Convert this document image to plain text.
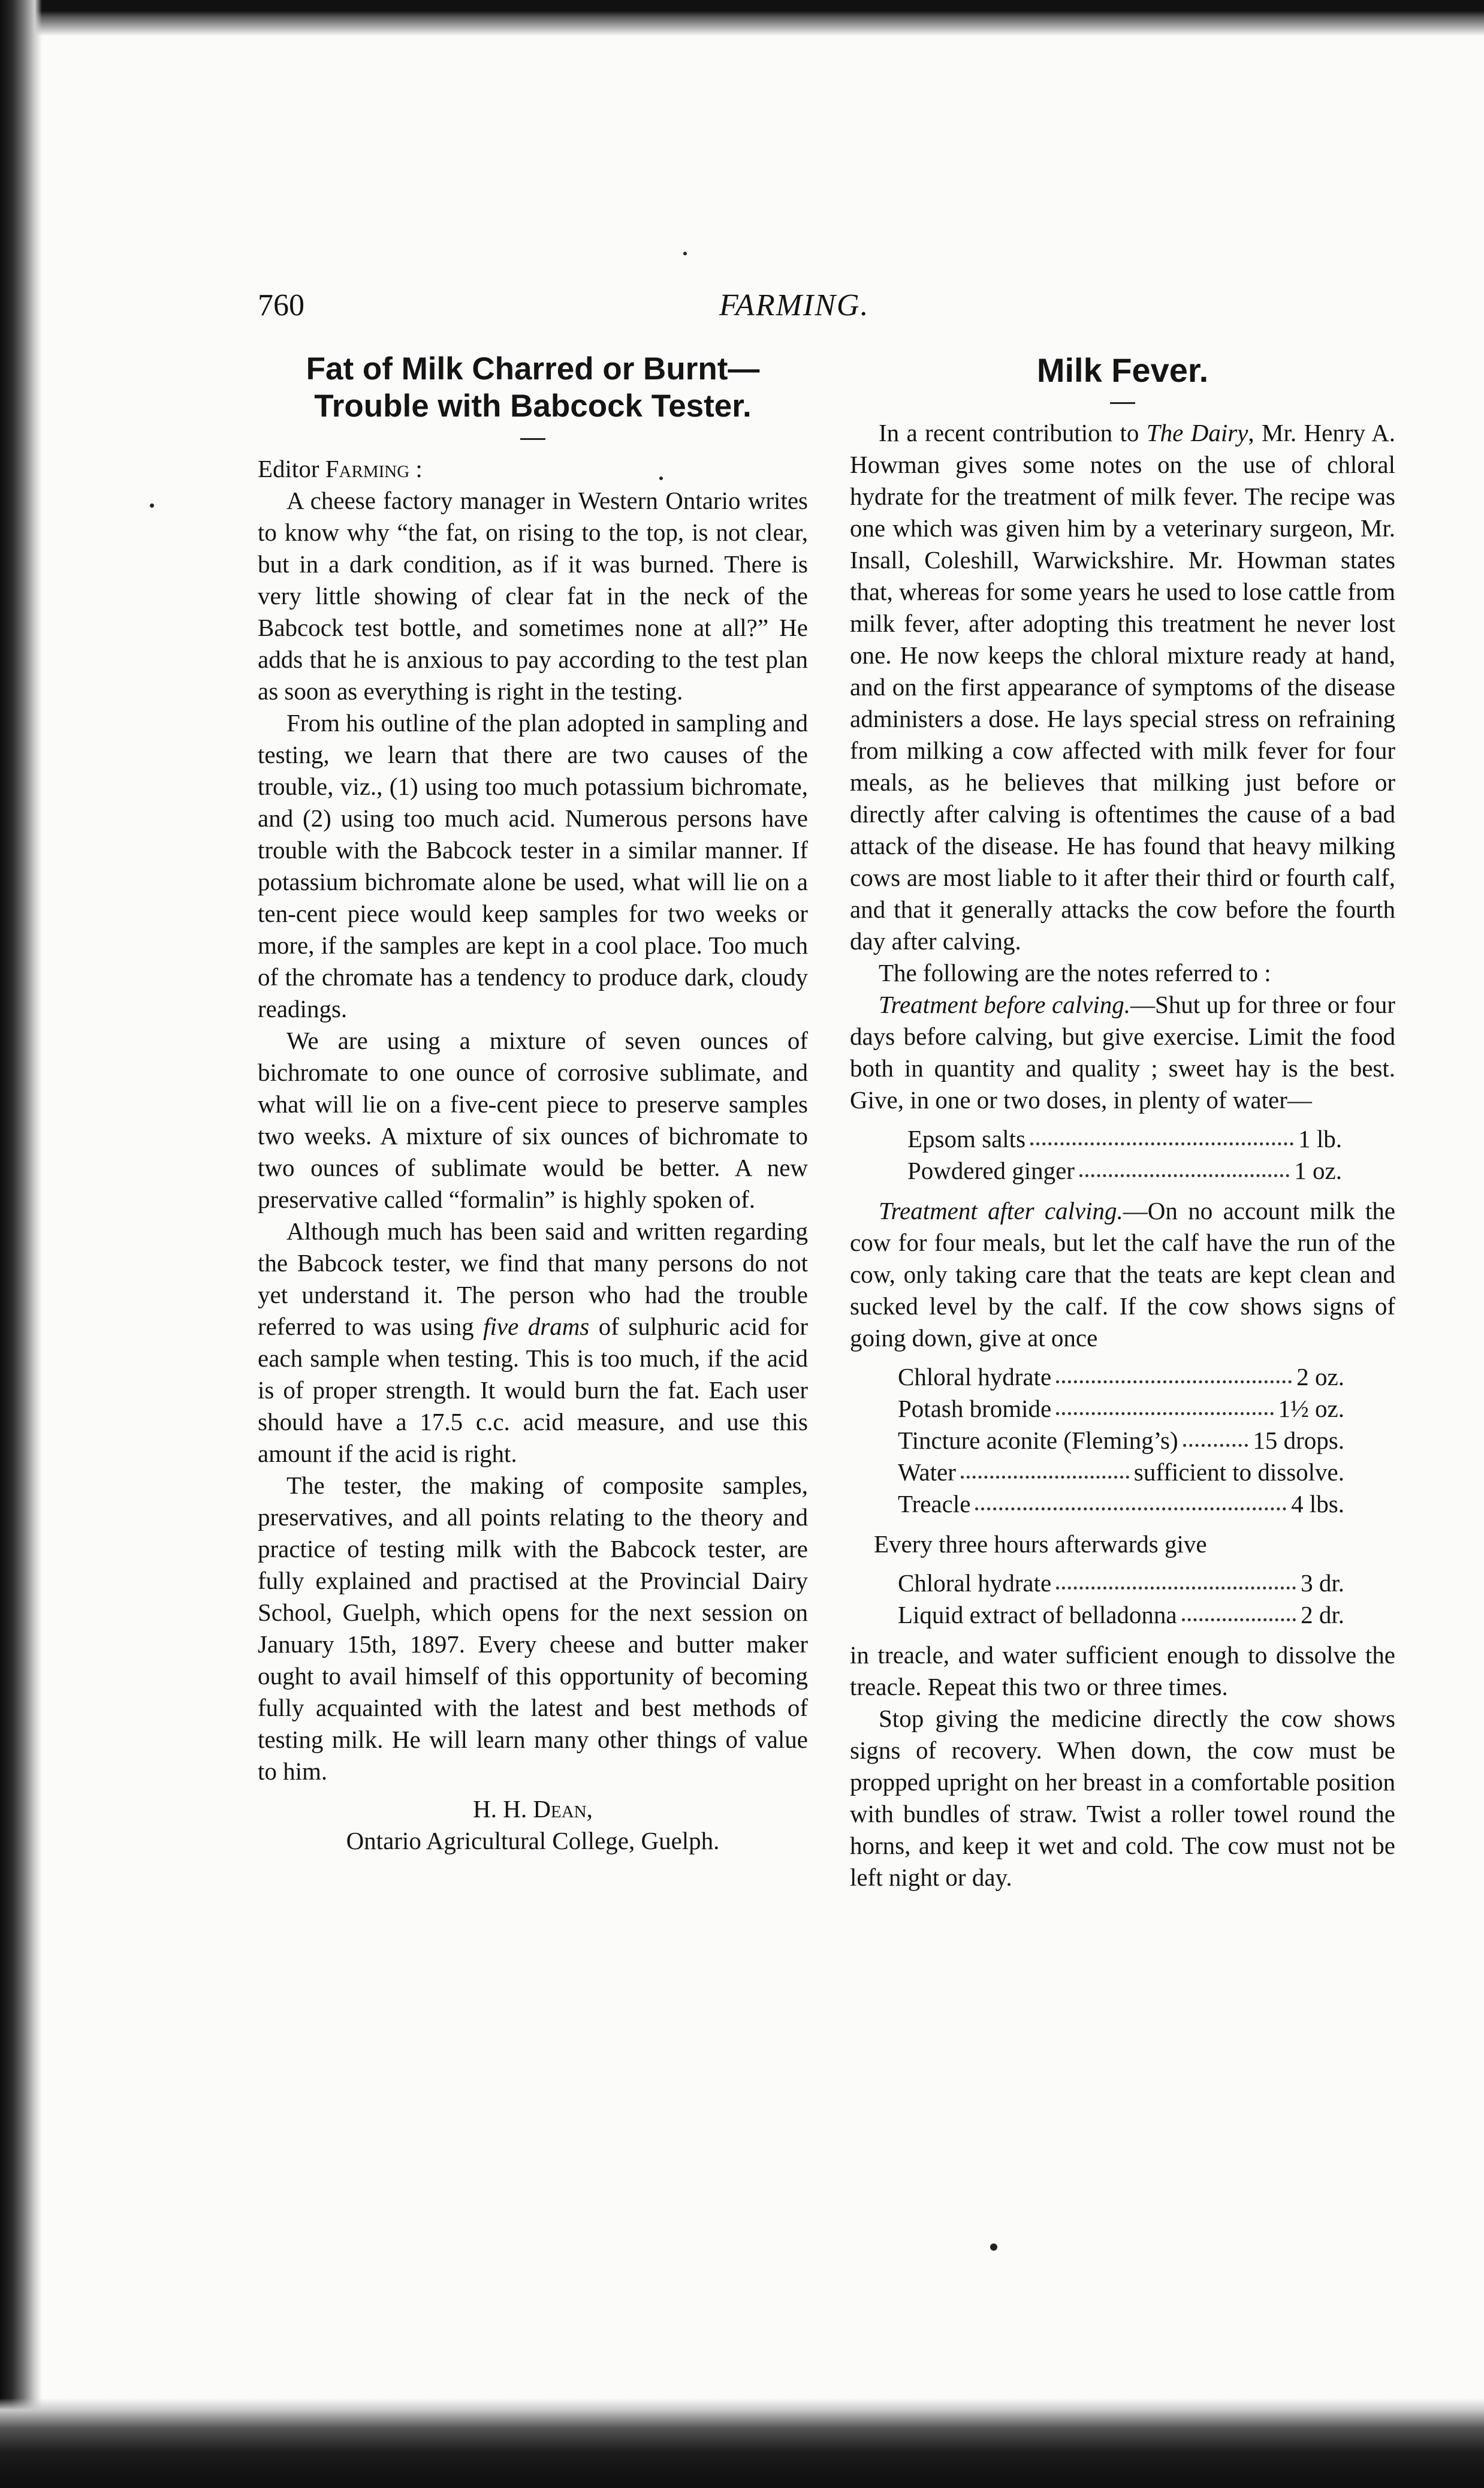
760	FARMING.
Fat of Milk Charred or Burnt—Trouble with Babcock Tester.

Editor Farming :

A cheese factory manager in Western Ontario writes to know why “the fat, on rising to the top, is not clear, but in a dark condition, as if it was burned. There is very little showing of clear fat in the neck of the Babcock test bottle, and sometimes none at all?” He adds that he is anxious to pay according to the test plan as soon as everything is right in the testing.

From his outline of the plan adopted in sampling and testing, we learn that there are two causes of the trouble, viz., (1) using too much potassium bichromate, and (2) using too much acid. Numerous persons have trouble with the Babcock tester in a similar manner. If potassium bichromate alone be used, what will lie on a ten-cent piece would keep samples for two weeks or more, if the samples are kept in a cool place. Too much of the chromate has a tendency to produce dark, cloudy readings.

We are using a mixture of seven ounces of bichromate to one ounce of corrosive sublimate, and what will lie on a five-cent piece to preserve samples two weeks. A mixture of six ounces of bichromate to two ounces of sublimate would be better. A new preservative called “formalin” is highly spoken of.

Although much has been said and written regarding the Babcock tester, we find that many persons do not yet understand it. The person who had the trouble referred to was using five drams of sulphuric acid for each sample when testing. This is too much, if the acid is of proper strength. It would burn the fat. Each user should have a 17.5 c.c. acid measure, and use this amount if the acid is right.

The tester, the making of composite samples, preservatives, and all points relating to the theory and practice of testing milk with the Babcock tester, are fully explained and practised at the Provincial Dairy School, Guelph, which opens for the next session on January 15th, 1897. Every cheese and butter maker ought to avail himself of this opportunity of becoming fully acquainted with the latest and best methods of testing milk. He will learn many other things of value to him.

H. H. Dean,

Ontario Agricultural College, Guelph.

Milk Fever.

In a recent contribution to The Dairy, Mr. Henry A. Howman gives some notes on the use of chloral hydrate for the treatment of milk fever. The recipe was one which was given him by a veterinary surgeon, Mr. Insall, Coleshill, Warwickshire. Mr. Howman states that, whereas for some years he used to lose cattle from milk fever, after adopting this treatment he never lost one. He now keeps the chloral mixture ready at hand, and on the first appearance of symptoms of the disease administers a dose. He lays special stress on refraining from milking a cow affected with milk fever for four meals, as he believes that milking just before or directly after calving is oftentimes the cause of a bad attack of the disease. He has found that heavy milking cows are most liable to it after their third or fourth calf, and that it generally attacks the cow before the fourth day after calving.

The following are the notes referred to :

Treatment before calving.—Shut up for three or four days before calving, but give exercise. Limit the food both in quantity and quality ; sweet hay is the best. Give, in one or two doses, in plenty of water—

Epsom salts	1 lb.
Powdered ginger	1 oz.

Treatment after calving.—On no account milk the cow for four meals, but let the calf have the run of the cow, only taking care that the teats are kept clean and sucked level by the calf. If the cow shows signs of going down, give at once

Chloral hydrate	2 oz.
Potash bromide	1½ oz.
Tincture aconite (Fleming’s)	15 drops.
Water	sufficient to dissolve.
Treacle	4 lbs.

Every three hours afterwards give

Chloral hydrate	3 dr.
Liquid extract of belladonna	2 dr.

in treacle, and water sufficient enough to dissolve the treacle. Repeat this two or three times.

Stop giving the medicine directly the cow shows signs of recovery. When down, the cow must be propped upright on her breast in a comfortable position with bundles of straw. Twist a roller towel round the horns, and keep it wet and cold. The cow must not be left night or day.
